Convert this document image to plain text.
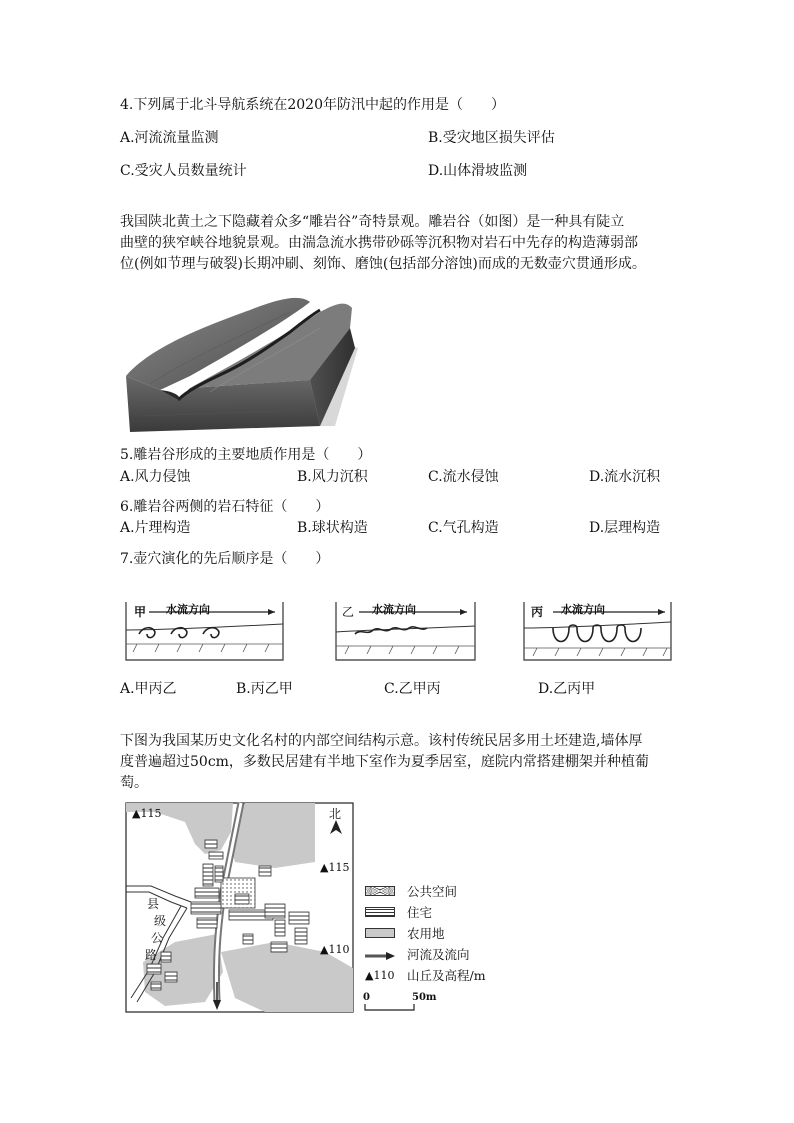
4.下列属于北斗导航系统在2020年防汛中起的作用是（　　）
A.河流流量监测	B.受灾地区损失评估
C.受灾人员数量统计	D.山体滑坡监测
我国陕北黄土之下隐藏着众多“雕岩谷”奇特景观。雕岩谷（如图）是一种具有陡立
曲壁的狭窄峡谷地貌景观。由湍急流水携带砂砾等沉积物对岩石中先存的构造薄弱部
位(例如节理与破裂)长期冲刷、刻饰、磨蚀(包括部分溶蚀)而成的无数壶穴贯通形成。
5.雕岩谷形成的主要地质作用是（　　）
A.风力侵蚀	B.风力沉积	C.流水侵蚀	D.流水沉积
6.雕岩谷两侧的岩石特征（　　）
A.片理构造	B.球状构造	C.气孔构造	D.层理构造
7.壶穴演化的先后顺序是（　　）
甲 水流方向	乙 水流方向	丙 水流方向
A.甲丙乙	B.丙乙甲	C.乙甲丙	D.乙丙甲
下图为我国某历史文化名村的内部空间结构示意。该村传统民居多用土坯建造,墙体厚
度普遍超过50cm，多数民居建有半地下室作为夏季居室，庭院内常搭建棚架并种植葡
萄。
▲115
▲115
▲110
北
县
级
公
路
公共空间
住宅
农用地
河流及流向
▲110	山丘及高程/m
0	50m
